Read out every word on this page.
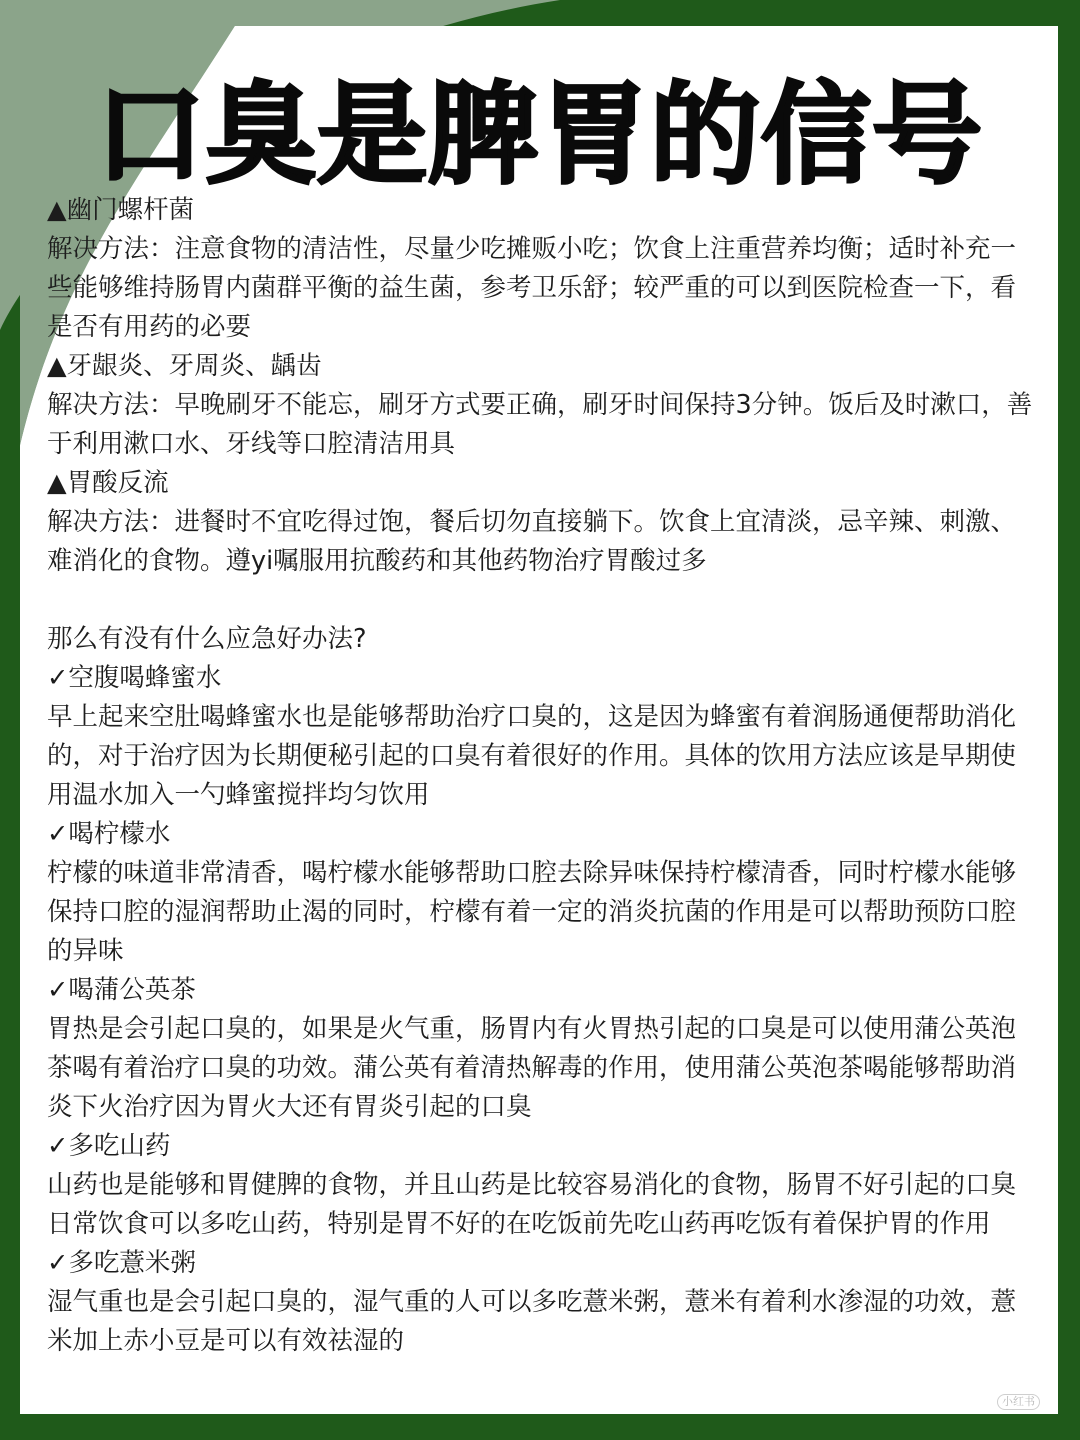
口臭是脾胃的信号

▲幽门螺杆菌

解决方法：注意食物的清洁性，尽量少吃摊贩小吃；饮食上注重营养均衡；适时补充一些能够维持肠胃内菌群平衡的益生菌，参考卫乐舒；较严重的可以到医院检查一下，看是否有用药的必要

▲牙龈炎、牙周炎、龋齿

解决方法：早晚刷牙不能忘，刷牙方式要正确，刷牙时间保持3分钟。饭后及时漱口，善于利用漱口水、牙线等口腔清洁用具

▲胃酸反流

解决方法：进餐时不宜吃得过饱，餐后切勿直接躺下。饮食上宜清淡，忌辛辣、刺激、难消化的食物。遵yi嘱服用抗酸药和其他药物治疗胃酸过多

那么有没有什么应急好办法?

✓空腹喝蜂蜜水

早上起来空肚喝蜂蜜水也是能够帮助治疗口臭的，这是因为蜂蜜有着润肠通便帮助消化的，对于治疗因为长期便秘引起的口臭有着很好的作用。具体的饮用方法应该是早期使用温水加入一勺蜂蜜搅拌均匀饮用

✓喝柠檬水

柠檬的味道非常清香，喝柠檬水能够帮助口腔去除异味保持柠檬清香，同时柠檬水能够保持口腔的湿润帮助止渴的同时，柠檬有着一定的消炎抗菌的作用是可以帮助预防口腔的异味

✓喝蒲公英茶

胃热是会引起口臭的，如果是火气重，肠胃内有火胃热引起的口臭是可以使用蒲公英泡茶喝有着治疗口臭的功效。蒲公英有着清热解毒的作用，使用蒲公英泡茶喝能够帮助消炎下火治疗因为胃火大还有胃炎引起的口臭

✓多吃山药

山药也是能够和胃健脾的食物，并且山药是比较容易消化的食物，肠胃不好引起的口臭日常饮食可以多吃山药，特别是胃不好的在吃饭前先吃山药再吃饭有着保护胃的作用

✓多吃薏米粥

湿气重也是会引起口臭的，湿气重的人可以多吃薏米粥，薏米有着利水渗湿的功效，薏米加上赤小豆是可以有效祛湿的

小红书
